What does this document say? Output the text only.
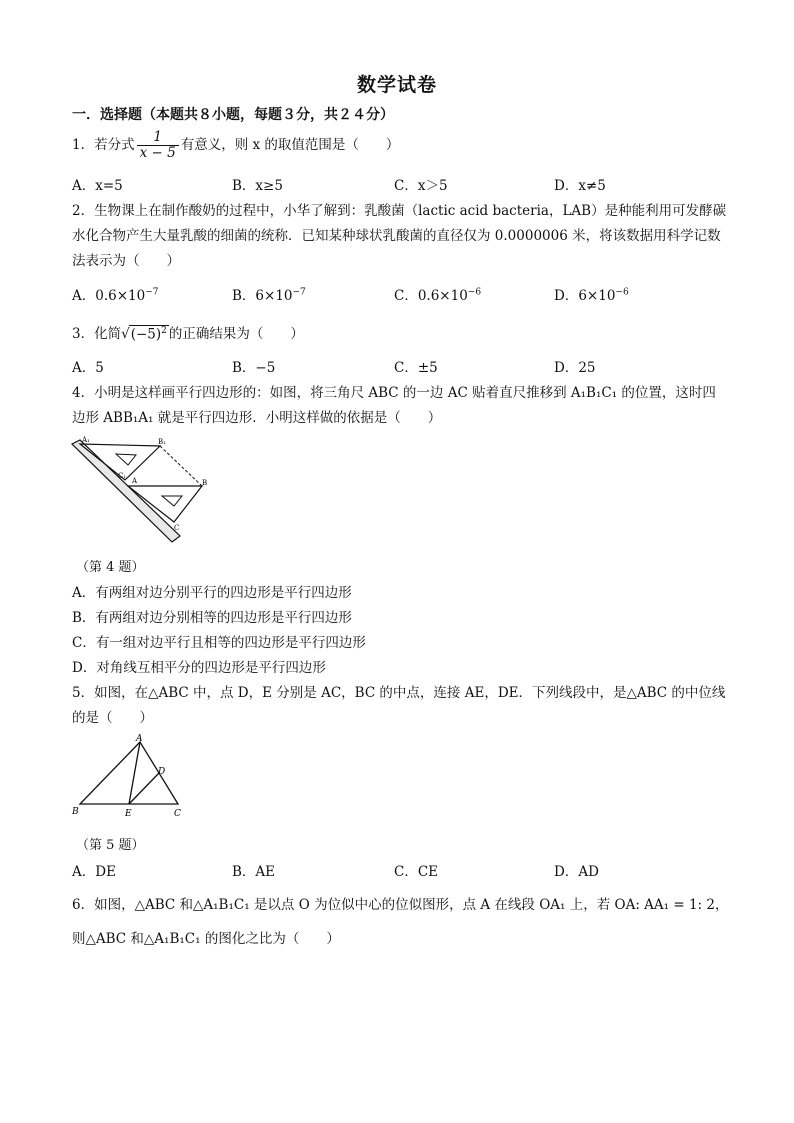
数学试卷
一．选择题（本题共８小题，每题３分，共２４分）
1．若分式 $\frac{1}{x - 5}$ 有意义，则 x 的取值范围是（　　）
A．x=5	B．x≥5	C．x＞5	D．x≠5
2．生物课上在制作酸奶的过程中，小华了解到：乳酸菌（lactic acid bacteria，LAB）是种能利用可发酵碳
水化合物产生大量乳酸的细菌的统称．已知某种球状乳酸菌的直径仅为 0.0000006 米，将该数据用科学记数
法表示为（　　）
A．$0.6\times 10^{-7}$	B．$6\times 10^{-7}$	C．$0.6\times 10^{-6}$	D．$6\times 10^{-6}$
3．化简$√(-5)^2$ 的正确结果为（　　）
A．5	B．−5	C．±5	D．25
4．小明是这样画平行四边形的：如图，将三角尺 ABC 的一边 AC 贴着直尺推移到 A₁B₁C₁ 的位置，这时四
边形 ABB₁A₁ 就是平行四边形．小明这样做的依据是（　　）
A₁	B₁
C₁
A	B
C
（第 4 题）
A．有两组对边分别平行的四边形是平行四边形
B．有两组对边分别相等的四边形是平行四边形
C．有一组对边平行且相等的四边形是平行四边形
D．对角线互相平分的四边形是平行四边形
5．如图，在△ABC 中，点 D，E 分别是 AC，BC 的中点，连接 AE，DE．下列线段中，是△ABC 的中位线
的是（　　）
A
D
B	E	C
（第 5 题）
A．DE	B．AE	C．CE	D．AD
6．如图，△ABC 和△A₁B₁C₁ 是以点 O 为位似中心的位似图形，点 A 在线段 OA₁ 上，若 OA: AA₁ = 1: 2，
则△ABC 和△A₁B₁C₁ 的图化之比为（　　）
